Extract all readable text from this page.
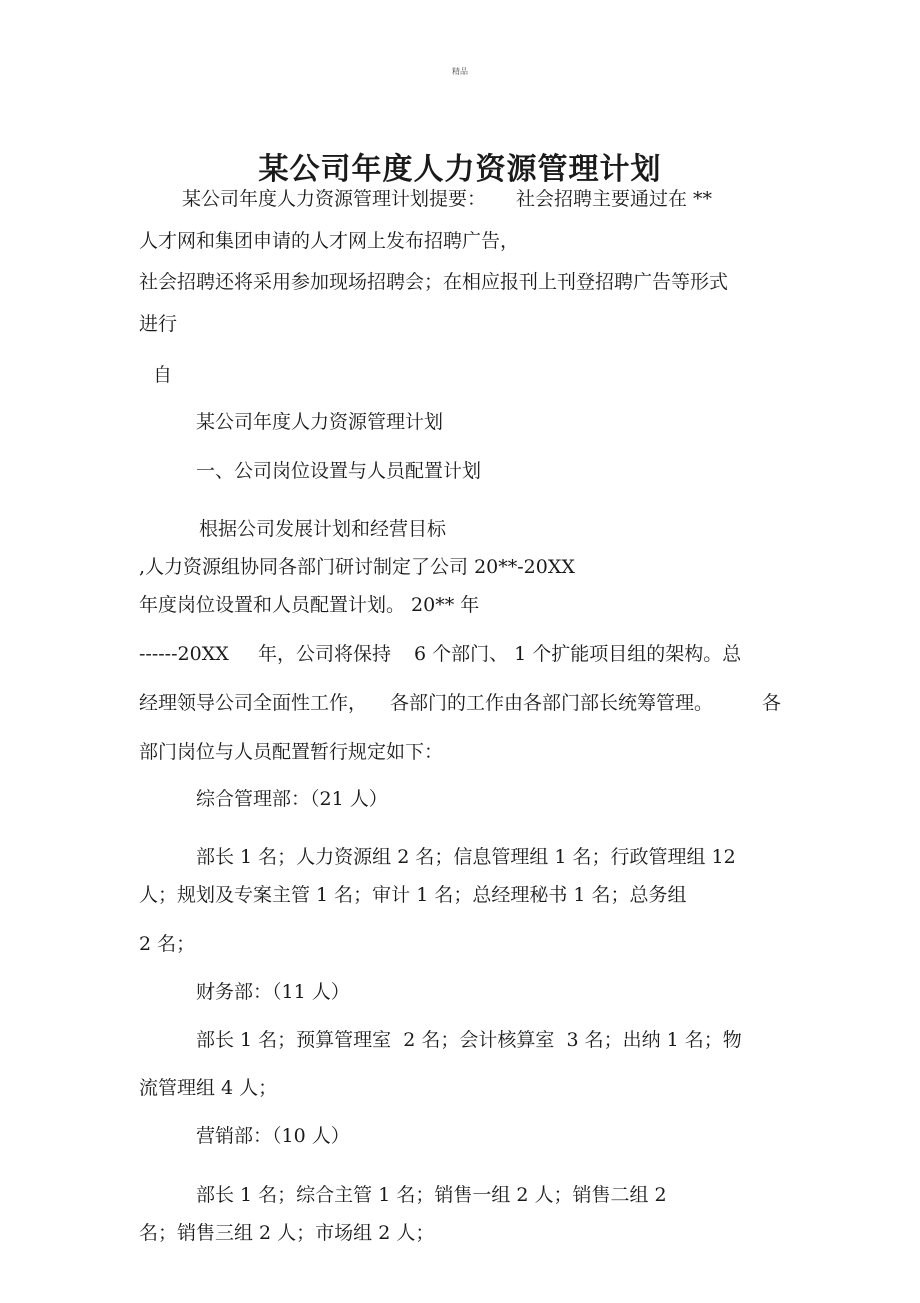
精品
某公司年度人力资源管理计划

某公司年度人力资源管理计划提要： 社会招聘主要通过在 **

人才网和集团申请的人才网上发布招聘广告，

社会招聘还将采用参加现场招聘会；在相应报刊上刊登招聘广告等形式

进行

自

某公司年度人力资源管理计划

一、公司岗位设置与人员配置计划

根据公司发展计划和经营目标

,人力资源组协同各部门研讨制定了公司 20**-20XX

年度岗位设置和人员配置计划。 20** 年

------20XX 年，公司将保持 6 个部门、 1 个扩能项目组的架构。总

经理领导公司全面性工作， 各部门的工作由各部门部长统筹管理。	各

部门岗位与人员配置暂行规定如下：

综合管理部：（21 人）

部长 1 名；人力资源组 2 名；信息管理组 1 名；行政管理组 12

人；规划及专案主管 1 名；审计 1 名；总经理秘书 1 名；总务组

2 名；

财务部：（11 人）

部长 1 名；预算管理室  2 名；会计核算室  3 名；出纳 1 名；物

流管理组 4 人；

营销部：（10 人）

部长 1 名；综合主管 1 名；销售一组 2 人；销售二组 2

名；销售三组 2 人；市场组 2 人；
